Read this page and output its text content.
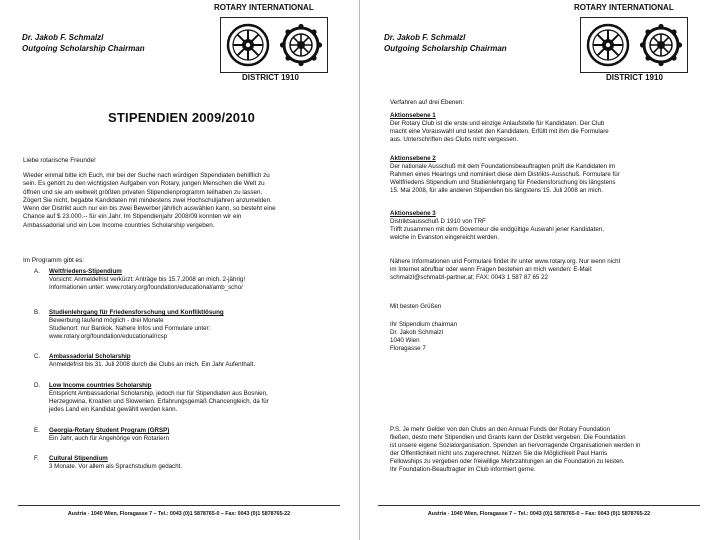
Dr. Jakob F. Schmalzl
Outgoing Scholarship Chairman
ROTARY INTERNATIONAL
DISTRICT 1910
STIPENDIEN 2009/2010
Liebe rotarische Freunde!
Wieder einmal bitte ich Euch, mir bei der Suche nach würdigen Stipendiaten behilflich zu
sein. Es gehört zu den wichtigsten Aufgaben von Rotary, jungen Menschen die Welt zu
öffnen und sie am weltweit größten privaten Stipendienprogramm teilhaben zu lassen.
Zögert Sie nicht, begabte Kandidaten mit mindestens zwei Hochschuljahren anzumelden.
Wenn der Distrikt auch nur ein bis zwei Bewerber jährlich auswählen kann, so besteht eine
Chance auf $ 23.000.-- für ein Jahr. Im Stipendienjahr 2008/09 konnten wir ein
Ambassadorial und ein Low Income countries Scholarship vergeben.
Im Programm gibt es:
A. Weltfriedens-Stipendium
Vorsicht: Anmeldefrist verkürzt: Anträge bis 15.7.2008 an mich. 2-jährig!
Informationen unter: www.rotary.org/foundation/educational/amb_scho/
B. Studienlehrgang für Friedensforschung und Konfliktlösung
Bewerbung laufend möglich - drei Monate
Studienort: nur Bankok. Nahere Infos und Formulare unter:
www.rotary.org/foundation/educational/rcsp
C. Ambassadorial Scholarship
Anmeldefrist bis 31. Juli 2008 durch die Clubs an mich. Ein Jahr Aufenthalt.
D. Low Income countries Scholarship
Entspricht Ambassadorial Scholarship, jedoch nur für Stipendiaten aus Bosnien,
Herzegowina, Kroatien und Slowenien. Erfahrungsgemäß Chancengleich, da für
jedes Land ein Kandidat gewählt werden kann.
E. Georgia-Rotary Student Program (GRSP)
Ein Jahr, auch für Angehörige von Rotariern
F. Cultural Stipendium
3 Monate. Vor allem als Sprachstudium gedacht.
Austria - 1040 Wien, Floragasse 7 – Tel.: 0043 (0)1 5878765-0 – Fax: 0043 (0)1 5878765-22
Dr. Jakob F. Schmalzl
Outgoing Scholarship Chairman
ROTARY INTERNATIONAL
DISTRICT 1910
Verfahren auf drei Ebenen:
Aktionsebene 1
Der Rotary Club ist die erste und einzige Anlaufstelle für Kandidaten. Der Club
macht eine Vorauswahl und testet den Kandidaten. Erfüllt mit ihm die Formulare
aus. Unterschriften des Clubs nicht vergessen.
Aktionsebene 2
Der nationale Ausschuß mit dem Foundationsbeauftragten prüft die Kandidaten im
Rahmen eines Hearings und nominiert diese dem Distrikts-Ausschuß. Formulare für
Weltfriedens Stipendium und Studienlehrgang für Friedensforschung bis längstens
15. Mai 2008, für alle anderen Stipendien bis längstens 15. Juli 2008 an mich.
Aktionsebene 3
Distriktsausschuß D 1910 von TRF
Trifft zusammen mit dem Governeur die endgültige Auswahl jener Kandidaten,
welche in Evanston eingereicht werden.
Nähere Informationen und Formulare findet ihr unter www.rotary.org. Nur wenn nicht
im Internet abrufbar oder wenn Fragen bestehen an mich wenden: E-Mail:
schmalzl@schmalzl-partner.at; FAX: 0043 1 587 87 65 22
Mit besten Grüßen
Ihr Stipendium chairman
Dr. Jakob Schmalzl
1040 Wien
Floragasse 7
P.S. Je mehr Gelder von den Clubs an den Annual Funds der Rotary Foundation
fließen, desto mehr Stipendien und Grants kann der Distrikt vergeben. Die Foundation
ist unsere eigene Sozialorganisation. Spenden an hervorragende Organisationen werden in
der Öffentlichkeit nicht uns zugerechnet. Nützen Sie die Möglichkeit Paul Harris
Fellowships zu vergeben oder freiwillige Mehrzahlungen an die Foundation zu leisten.
Ihr Foundation-Beauftragter im Club informiert gerne.
Austria - 1040 Wien, Floragasse 7 – Tel.: 0043 (0)1 5878765-0 – Fax: 0043 (0)1 5878765-22
